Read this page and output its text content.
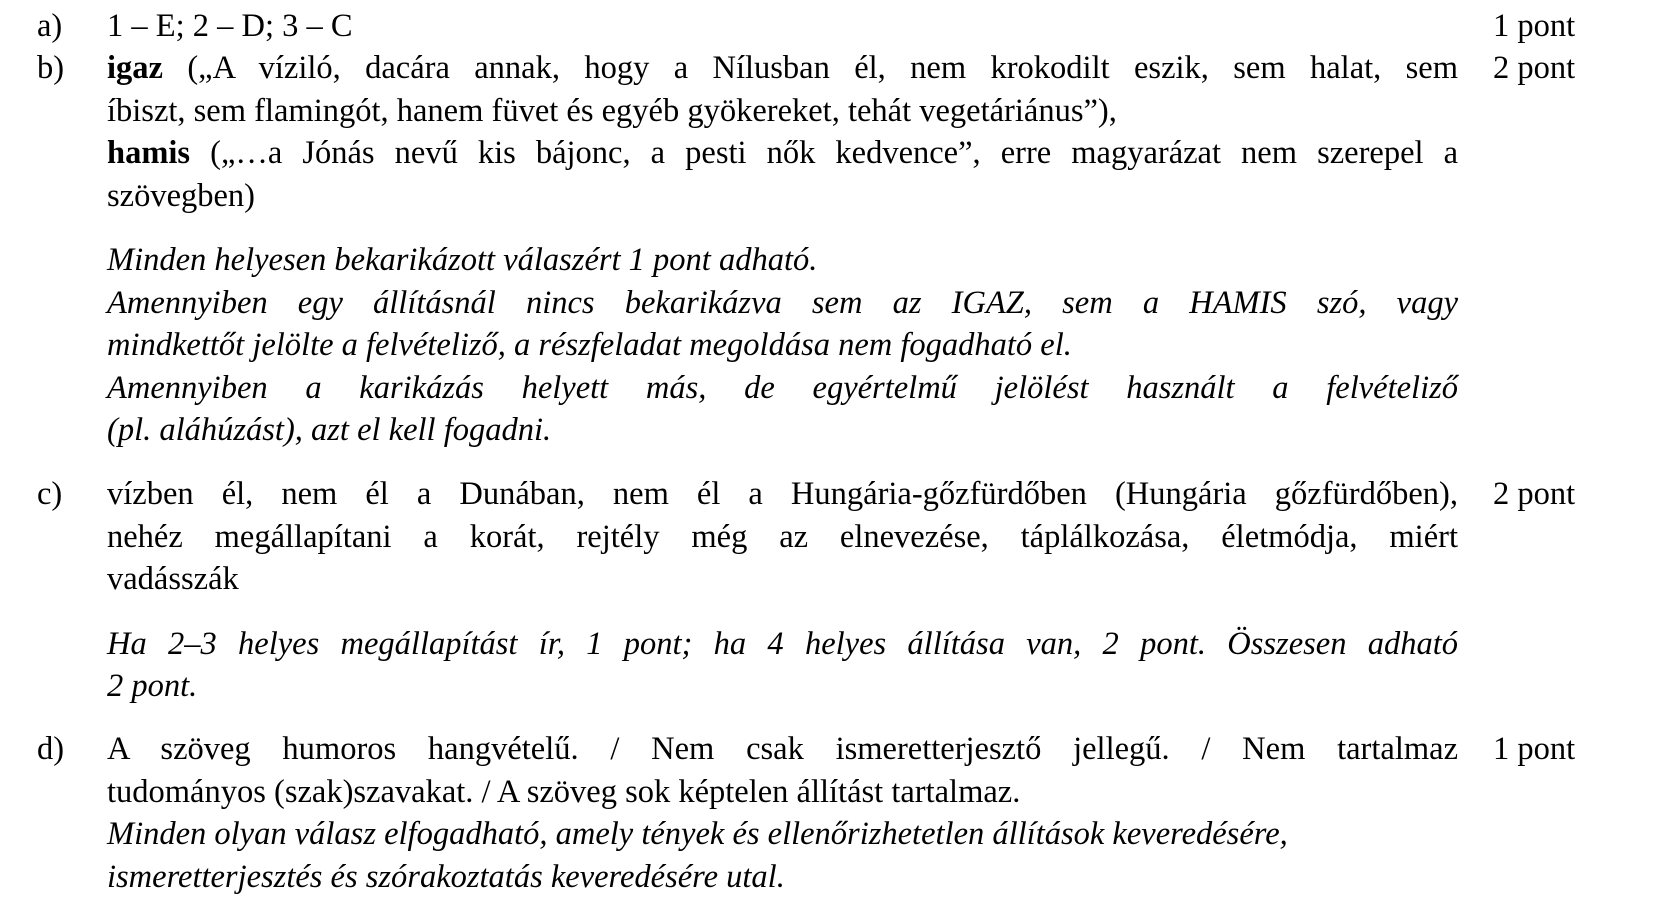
a) 1 – E; 2 – D; 3 – C	1 pont
b) igaz („A víziló, dacára annak, hogy a Nílusban él, nem krokodilt eszik, sem halat, sem
íbiszt, sem flamingót, hanem füvet és egyéb gyökereket, tehát vegetáriánus”),
hamis („…a Jónás nevű kis bájonc, a pesti nők kedvence”, erre magyarázat nem szerepel a
szövegben)
Minden helyesen bekarikázott válaszért 1 pont adható.
Amennyiben egy állításnál nincs bekarikázva sem az IGAZ, sem a HAMIS szó, vagy
mindkettőt jelölte a felvételiző, a részfeladat megoldása nem fogadható el.
Amennyiben a karikázás helyett más, de egyértelmű jelölést használt a felvételiző
(pl. aláhúzást), azt el kell fogadni.
2 pont
c) vízben él, nem él a Dunában, nem él a Hungária-gőzfürdőben (Hungária gőzfürdőben),
nehéz megállapítani a korát, rejtély még az elnevezése, táplálkozása, életmódja, miért
vadásszák
Ha 2–3 helyes megállapítást ír, 1 pont; ha 4 helyes állítása van, 2 pont. Összesen adható
2 pont.
2 pont
d) A szöveg humoros hangvételű. / Nem csak ismeretterjesztő jellegű. / Nem tartalmaz
tudományos (szak)szavakat. / A szöveg sok képtelen állítást tartalmaz.
Minden olyan válasz elfogadható, amely tények és ellenőrizhetetlen állítások keveredésére,
ismeretterjesztés és szórakoztatás keveredésére utal.
1 pont
